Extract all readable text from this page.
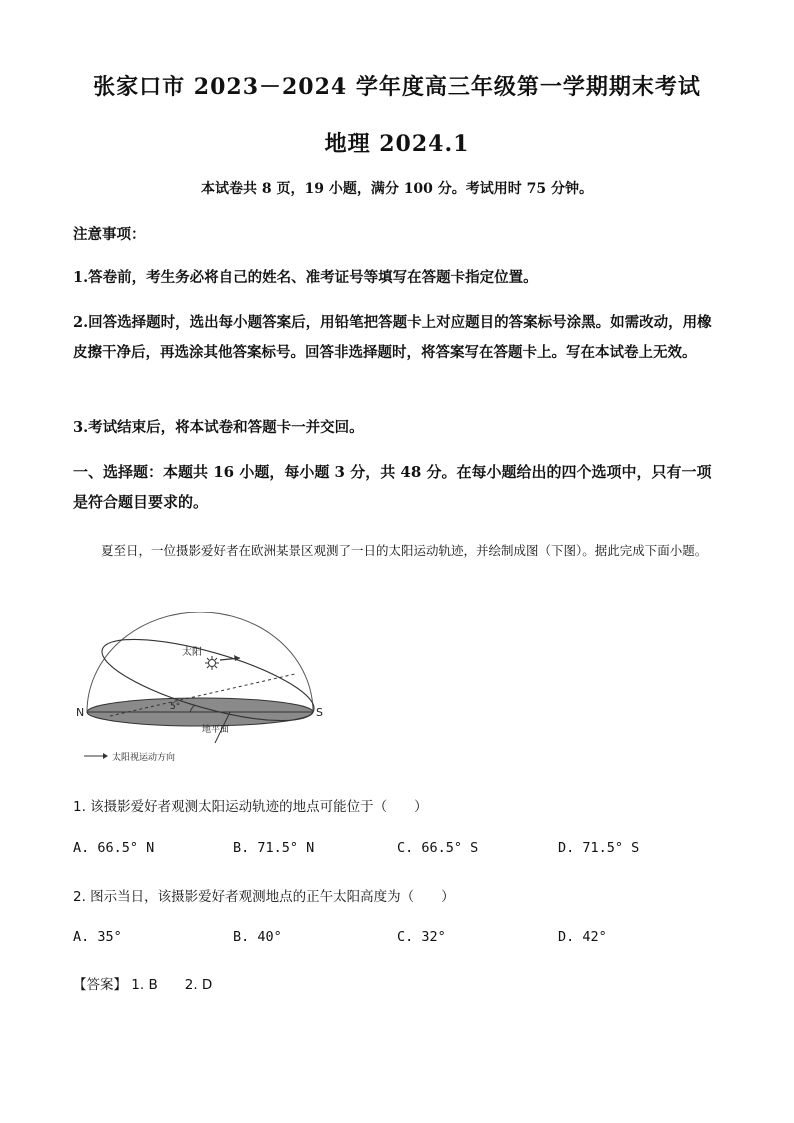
张家口市 2023－2024 学年度高三年级第一学期期末考试
地理 2024.1
本试卷共 8 页，19 小题，满分 100 分。考试用时 75 分钟。
注意事项：
1.答卷前，考生务必将自己的姓名、准考证号等填写在答题卡指定位置。
2.回答选择题时，选出每小题答案后，用铅笔把答题卡上对应题目的答案标号涂黑。如需改动，用橡皮擦干净后，再选涂其他答案标号。回答非选择题时，将答案写在答题卡上。写在本试卷上无效。
3.考试结束后，将本试卷和答题卡一并交回。
一、选择题：本题共 16 小题，每小题 3 分，共 48 分。在每小题给出的四个选项中，只有一项是符合题目要求的。
夏至日，一位摄影爱好者在欧洲某景区观测了一日的太阳运动轨迹，并绘制成图（下图）。据此完成下面小题。
太阳
N	S
5°
地平面
太阳视运动方向
1. 该摄影爱好者观测太阳运动轨迹的地点可能位于（　　）
A. 66.5° N	B. 71.5° N	C. 66.5° S	D. 71.5° S
2. 图示当日，该摄影爱好者观测地点的正午太阳高度为（　　）
A. 35°	B. 40°	C. 32°	D. 42°
【答案】 1. B　　2. D
